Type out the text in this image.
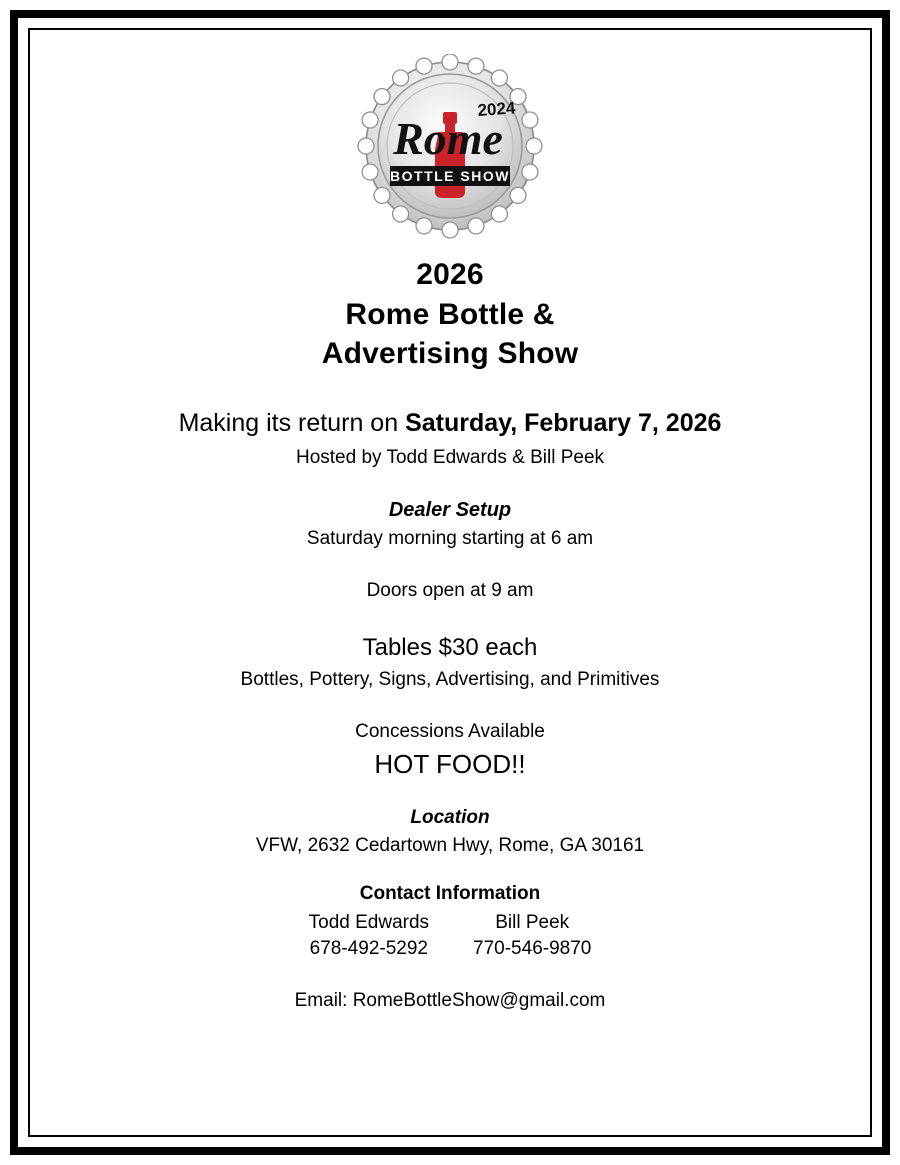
2024
Rome
BOTTLE SHOW
2026
Rome Bottle &
Advertising Show
Making its return on Saturday, February 7, 2026
Hosted by Todd Edwards & Bill Peek
Dealer Setup
Saturday morning starting at 6 am
Doors open at 9 am
Tables $30 each
Bottles, Pottery, Signs, Advertising, and Primitives
Concessions Available
HOT FOOD!!
Location
VFW, 2632 Cedartown Hwy, Rome, GA 30161
Contact Information
Todd Edwards	Bill Peek
678-492-5292	770-546-9870
Email: RomeBottleShow@gmail.com
